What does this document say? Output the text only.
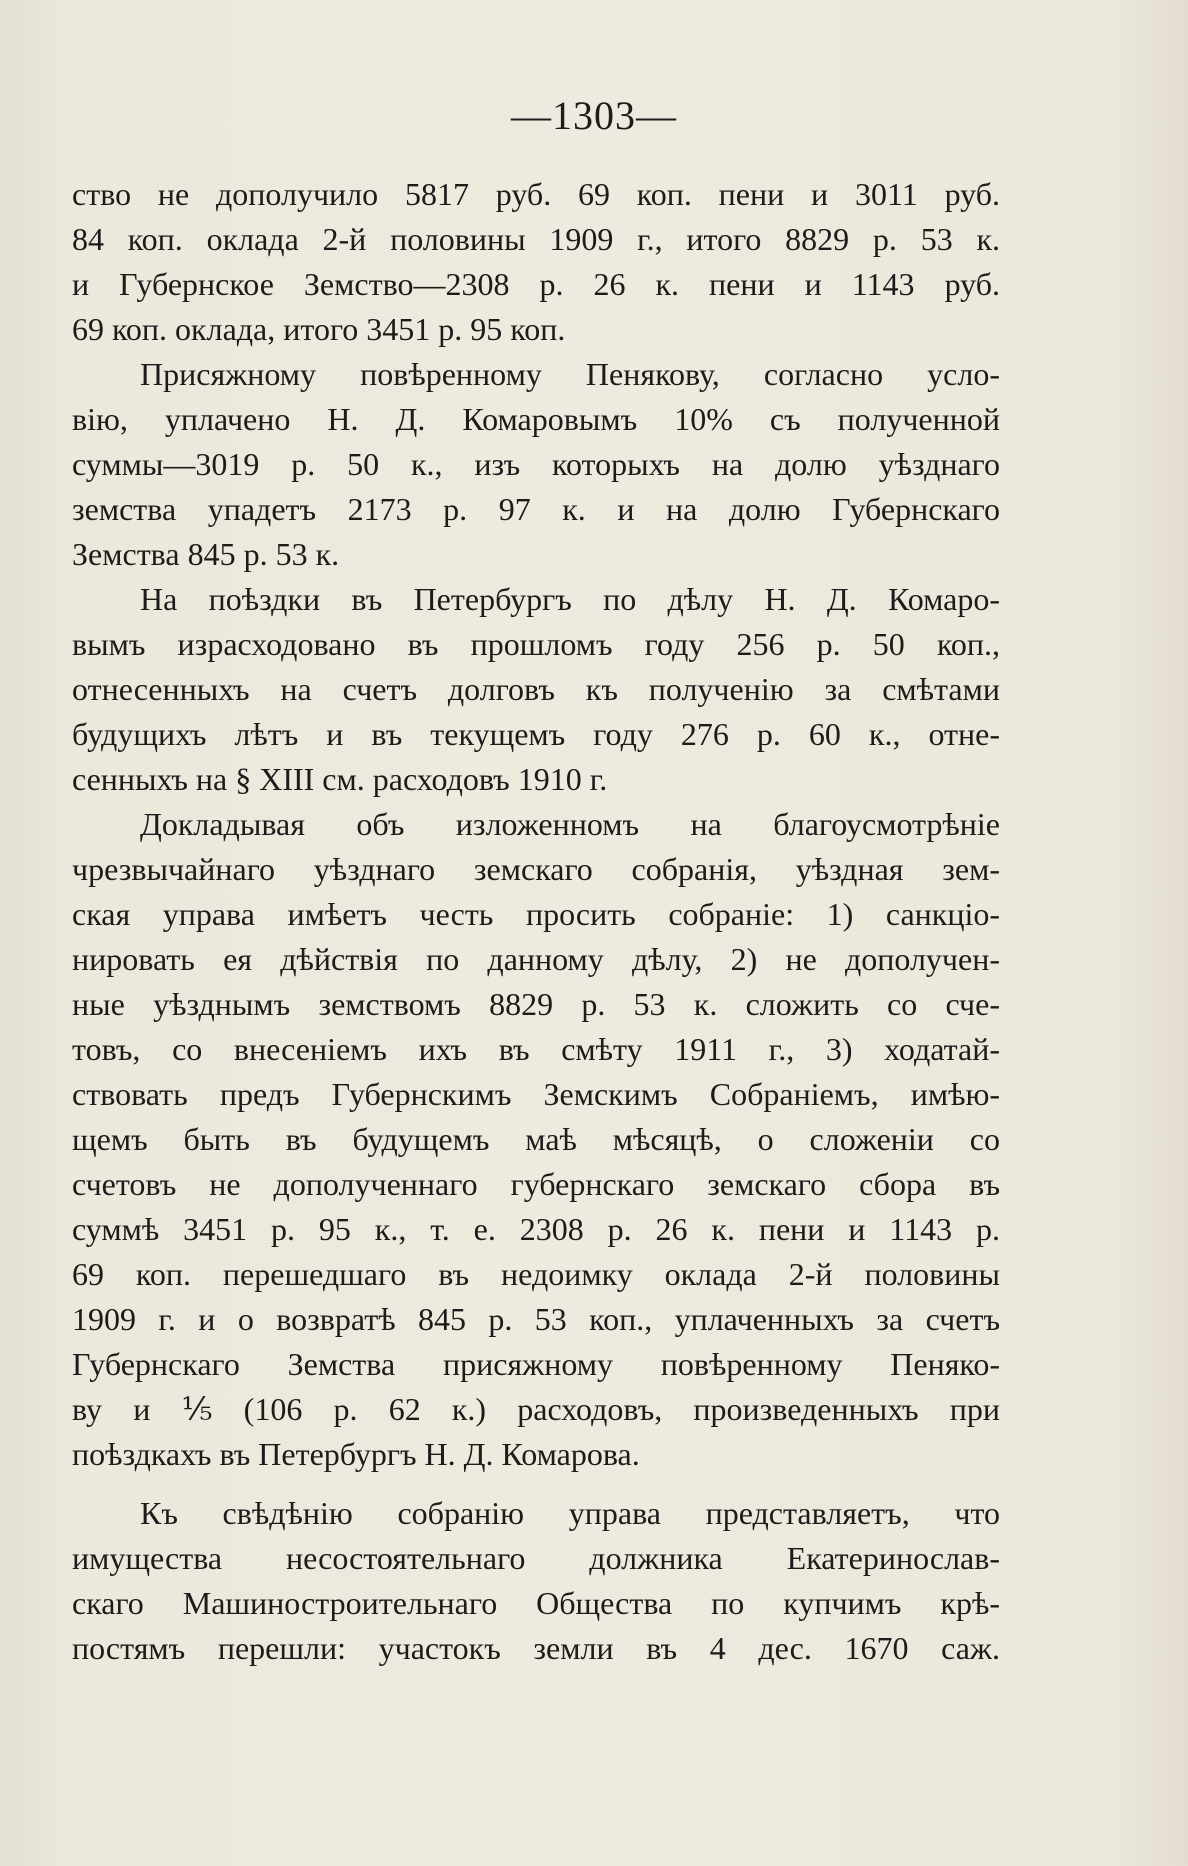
—1303—
ство не дополучило 5817 руб. 69 коп. пени и 3011 руб.
84 коп. оклада 2-й половины 1909 г., итого 8829 р. 53 к.
и Губернское Земство—2308 р. 26 к. пени и 1143 руб.
69 коп. оклада, итого 3451 р. 95 коп.
Присяжному повѣренному Пенякову, согласно усло-
вію, уплачено Н. Д. Комаровымъ 10% съ полученной
суммы—3019 р. 50 к., изъ которыхъ на долю уѣзднаго
земства упадетъ 2173 р. 97 к. и на долю Губернскаго
Земства 845 р. 53 к.
На поѣздки въ Петербургъ по дѣлу Н. Д. Комаро-
вымъ израсходовано въ прошломъ году 256 р. 50 коп.,
отнесенныхъ на счетъ долговъ къ полученію за смѣтами
будущихъ лѣтъ и въ текущемъ году 276 р. 60 к., отне-
сенныхъ на § XIII см. расходовъ 1910 г.
Докладывая объ изложенномъ на благоусмотрѣніе
чрезвычайнаго уѣзднаго земскаго собранія, уѣздная зем-
ская управа имѣетъ честь просить собраніе: 1) санкціо-
нировать ея дѣйствія по данному дѣлу, 2) не дополучен-
ные уѣзднымъ земствомъ 8829 р. 53 к. сложить со сче-
товъ, со внесеніемъ ихъ въ смѣту 1911 г., 3) ходатай-
ствовать предъ Губернскимъ Земскимъ Собраніемъ, имѣю-
щемъ быть въ будущемъ маѣ мѣсяцѣ, о сложеніи со
счетовъ не дополученнаго губернскаго земскаго сбора въ
суммѣ 3451 р. 95 к., т. е. 2308 р. 26 к. пени и 1143 р.
69 коп. перешедшаго въ недоимку оклада 2-й половины
1909 г. и о возвратѣ 845 р. 53 коп., уплаченныхъ за счетъ
Губернскаго Земства присяжному повѣренному Пеняко-
ву и ⅕ (106 р. 62 к.) расходовъ, произведенныхъ при
поѣздкахъ въ Петербургъ Н. Д. Комарова.
Къ свѣдѣнію собранію управа представляетъ, что
имущества несостоятельнаго должника Екатеринослав-
скаго Машиностроительнаго Общества по купчимъ крѣ-
постямъ перешли: участокъ земли въ 4 дес. 1670 саж.
